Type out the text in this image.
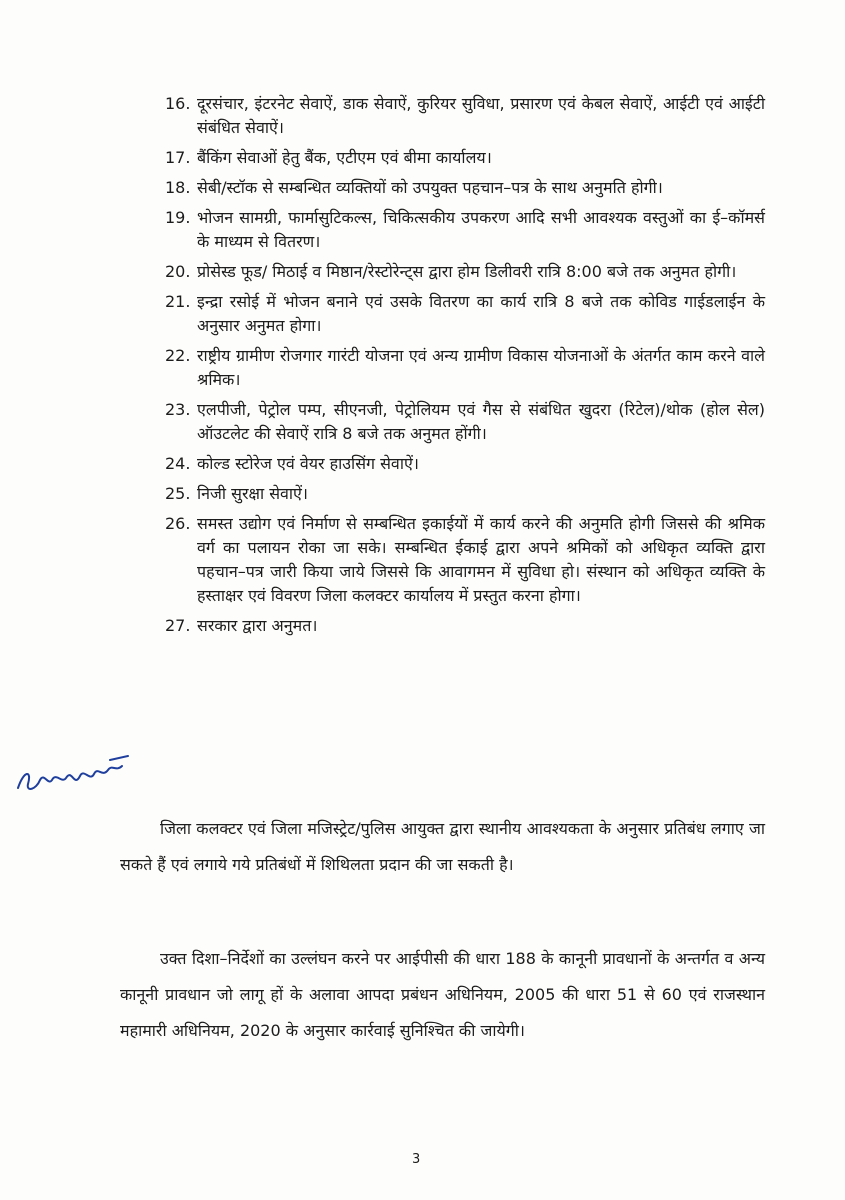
16. दूरसंचार, इंटरनेट सेवाऐं, डाक सेवाऐं, कुरियर सुविधा, प्रसारण एवं केबल सेवाऐं, आईटी एवं आईटी संबंधित सेवाऐं।
17. बैंकिंग सेवाओं हेतु बैंक, एटीएम एवं बीमा कार्यालय।
18. सेबी/स्टॉक से सम्बन्धित व्यक्तियों को उपयुक्त पहचान–पत्र के साथ अनुमति होगी।
19. भोजन सामग्री, फार्मासुटिकल्स, चिकित्सकीय उपकरण आदि सभी आवश्यक वस्तुओं का ई–कॉमर्स के माध्यम से वितरण।
20. प्रोसेस्ड फूड/ मिठाई व मिष्ठान/रेस्टोरेन्ट्स द्वारा होम डिलीवरी रात्रि 8:00 बजे तक अनुमत होगी।
21. इन्द्रा रसोई में भोजन बनाने एवं उसके वितरण का कार्य रात्रि 8 बजे तक कोविड गाईडलाईन के अनुसार अनुमत होगा।
22. राष्ट्रीय ग्रामीण रोजगार गारंटी योजना एवं अन्य ग्रामीण विकास योजनाओं के अंतर्गत काम करने वाले श्रमिक।
23. एलपीजी, पेट्रोल पम्प, सीएनजी, पेट्रोलियम एवं गैस से संबंधित खुदरा (रिटेल)/थोक (होल सेल) ऑउटलेट की सेवाऐं रात्रि 8 बजे तक अनुमत होंगी।
24. कोल्ड स्टोरेज एवं वेयर हाउसिंग सेवाऐं।
25. निजी सुरक्षा सेवाऐं।
26. समस्त उद्योग एवं निर्माण से सम्बन्धित इकाईयों में कार्य करने की अनुमति होगी जिससे की श्रमिक वर्ग का पलायन रोका जा सके। सम्बन्धित ईकाई द्वारा अपने श्रमिकों को अधिकृत व्यक्ति द्वारा पहचान–पत्र जारी किया जाये जिससे कि आवागमन में सुविधा हो। संस्थान को अधिकृत व्यक्ति के हस्ताक्षर एवं विवरण जिला कलक्टर कार्यालय में प्रस्तुत करना होगा।
27. सरकार द्वारा अनुमत।

जिला कलक्टर एवं जिला मजिस्ट्रेट/पुलिस आयुक्त द्वारा स्थानीय आवश्यकता के अनुसार प्रतिबंध लगाए जा सकते हैं एवं लगाये गये प्रतिबंधों में शिथिलता प्रदान की जा सकती है।

उक्त दिशा–निर्देशों का उल्लंघन करने पर आईपीसी की धारा 188 के कानूनी प्रावधानों के अन्तर्गत व अन्य कानूनी प्रावधान जो लागू हों के अलावा आपदा प्रबंधन अधिनियम, 2005 की धारा 51 से 60 एवं राजस्थान महामारी अधिनियम, 2020 के अनुसार कार्रवाई सुनिश्चित की जायेगी।

3
